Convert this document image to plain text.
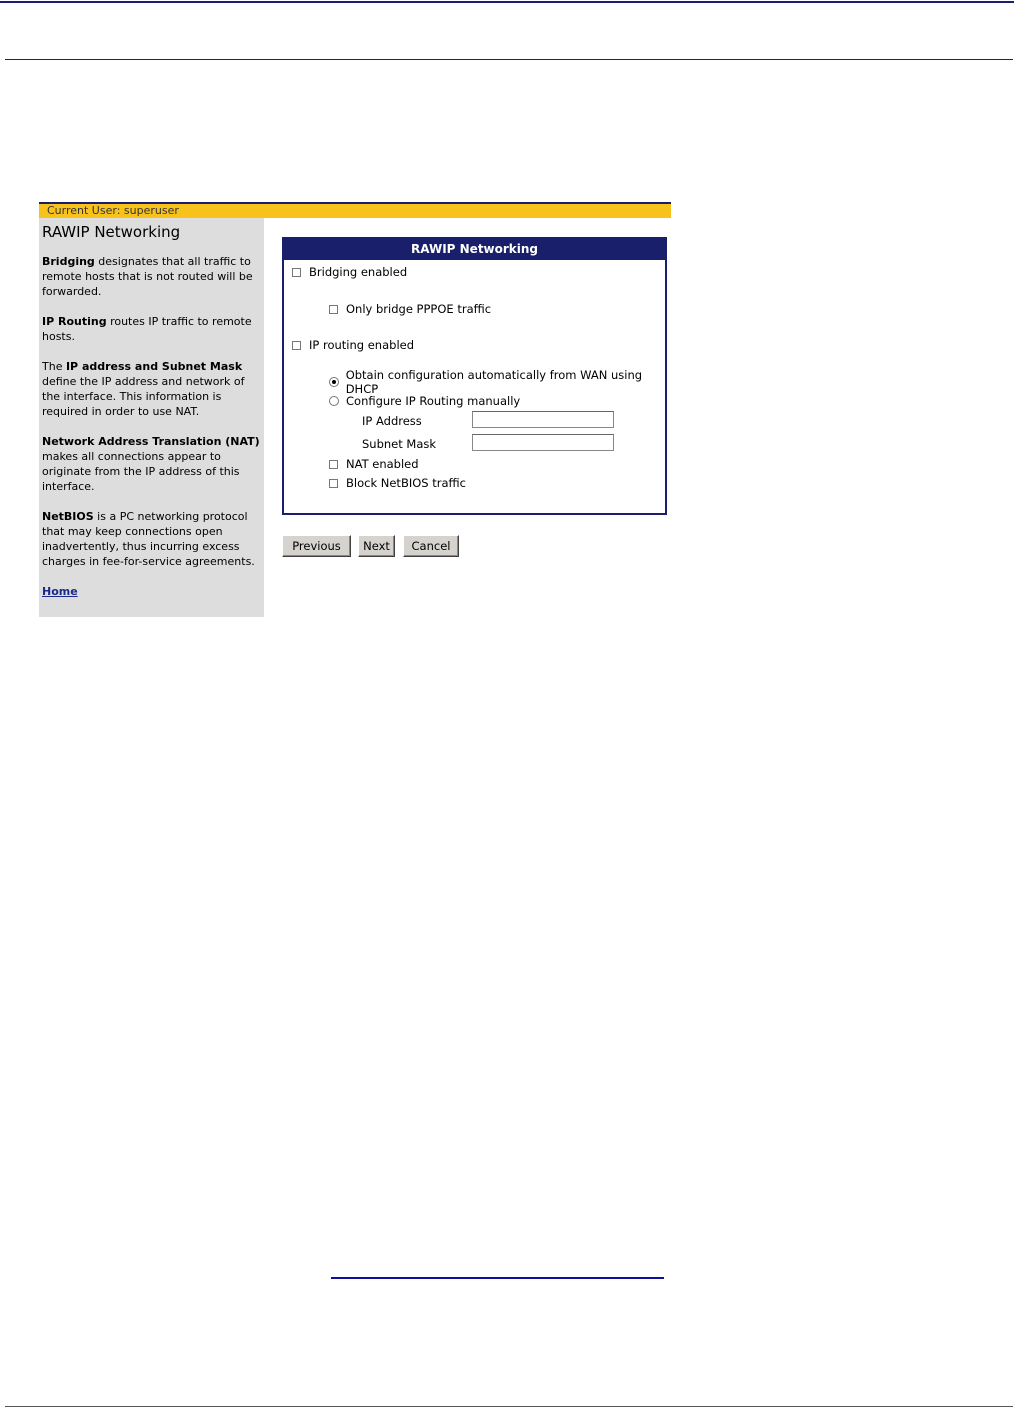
Current User: superuser
RAWIP Networking

Bridging designates that all traffic to remote hosts that is not routed will be forwarded.

IP Routing routes IP traffic to remote hosts.

The IP address and Subnet Mask define the IP address and network of the interface. This information is required in order to use NAT.

Network Address Translation (NAT) makes all connections appear to originate from the IP address of this interface.

NetBIOS is a PC networking protocol that may keep connections open inadvertently, thus incurring excess charges in fee-for-service agreements.

Home
RAWIP Networking
Bridging enabled
Only bridge PPPOE traffic
IP routing enabled
Obtain configuration automatically from WAN using DHCP
Configure IP Routing manually
IP Address
Subnet Mask
NAT enabled
Block NetBIOS traffic
Previous	Next	Cancel
